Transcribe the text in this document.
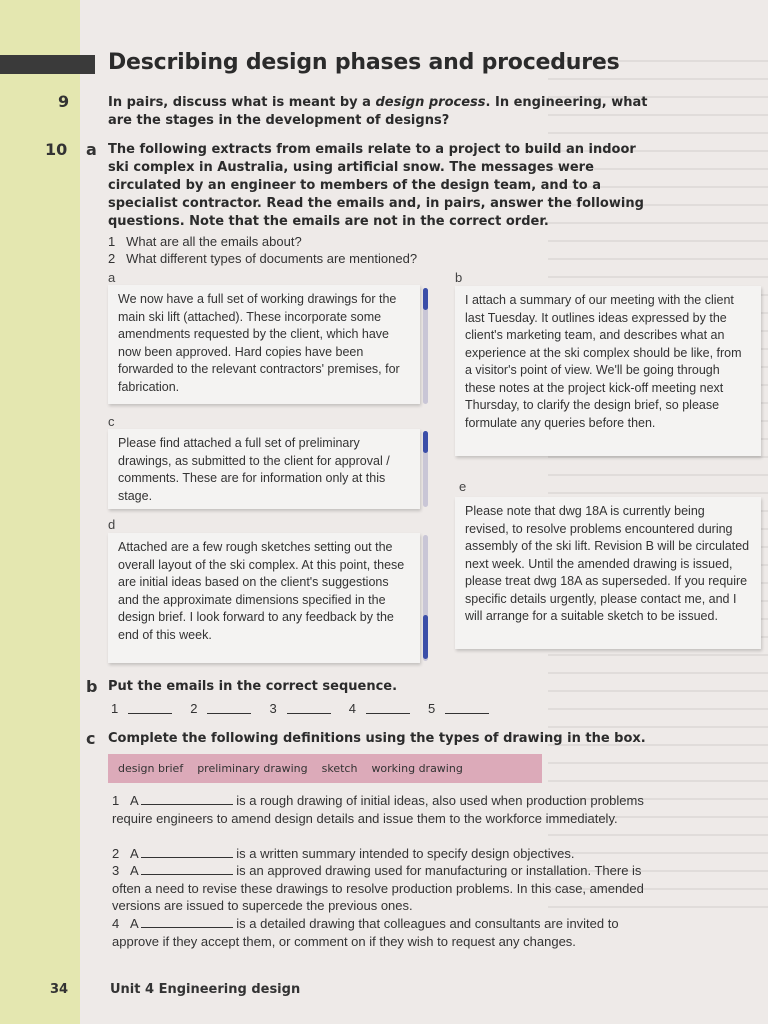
Describing design phases and procedures
9	In pairs, discuss what is meant by a design process. In engineering, what are the stages in the development of designs?
10 a The following extracts from emails relate to a project to build an indoor ski complex in Australia, using artificial snow. The messages were circulated by an engineer to members of the design team, and to a specialist contractor. Read the emails and, in pairs, answer the following questions. Note that the emails are not in the correct order.
1 What are all the emails about?
2 What different types of documents are mentioned?
a	b
c
d
e
We now have a full set of working drawings for the main ski lift (attached). These incorporate some amendments requested by the client, which have now been approved. Hard copies have been forwarded to the relevant contractors' premises, for fabrication.
I attach a summary of our meeting with the client last Tuesday. It outlines ideas expressed by the client's marketing team, and describes what an experience at the ski complex should be like, from a visitor's point of view. We'll be going through these notes at the project kick-off meeting next Thursday, to clarify the design brief, so please formulate any queries before then.
Please find attached a full set of preliminary drawings, as submitted to the client for approval / comments. These are for information only at this stage.
Attached are a few rough sketches setting out the overall layout of the ski complex. At this point, these are initial ideas based on the client's suggestions and the approximate dimensions specified in the design brief. I look forward to any feedback by the end of this week.
Please note that dwg 18A is currently being revised, to resolve problems encountered during assembly of the ski lift. Revision B will be circulated next week. Until the amended drawing is issued, please treat dwg 18A as superseded. If you require specific details urgently, please contact me, and I will arrange for a suitable sketch to be issued.
b Put the emails in the correct sequence.
1	2	3	4	5
c Complete the following definitions using the types of drawing in the box.
design brief preliminary drawing sketch working drawing
1 A	is a rough drawing of initial ideas, also used when production problems require engineers to amend design details and issue them to the workforce immediately.
2 A	is a written summary intended to specify design objectives.
3 A	is an approved drawing used for manufacturing or installation. There is often a need to revise these drawings to resolve production problems. In this case, amended versions are issued to supercede the previous ones.
4 A	is a detailed drawing that colleagues and consultants are invited to approve if they accept them, or comment on if they wish to request any changes.
34	Unit 4 Engineering design
